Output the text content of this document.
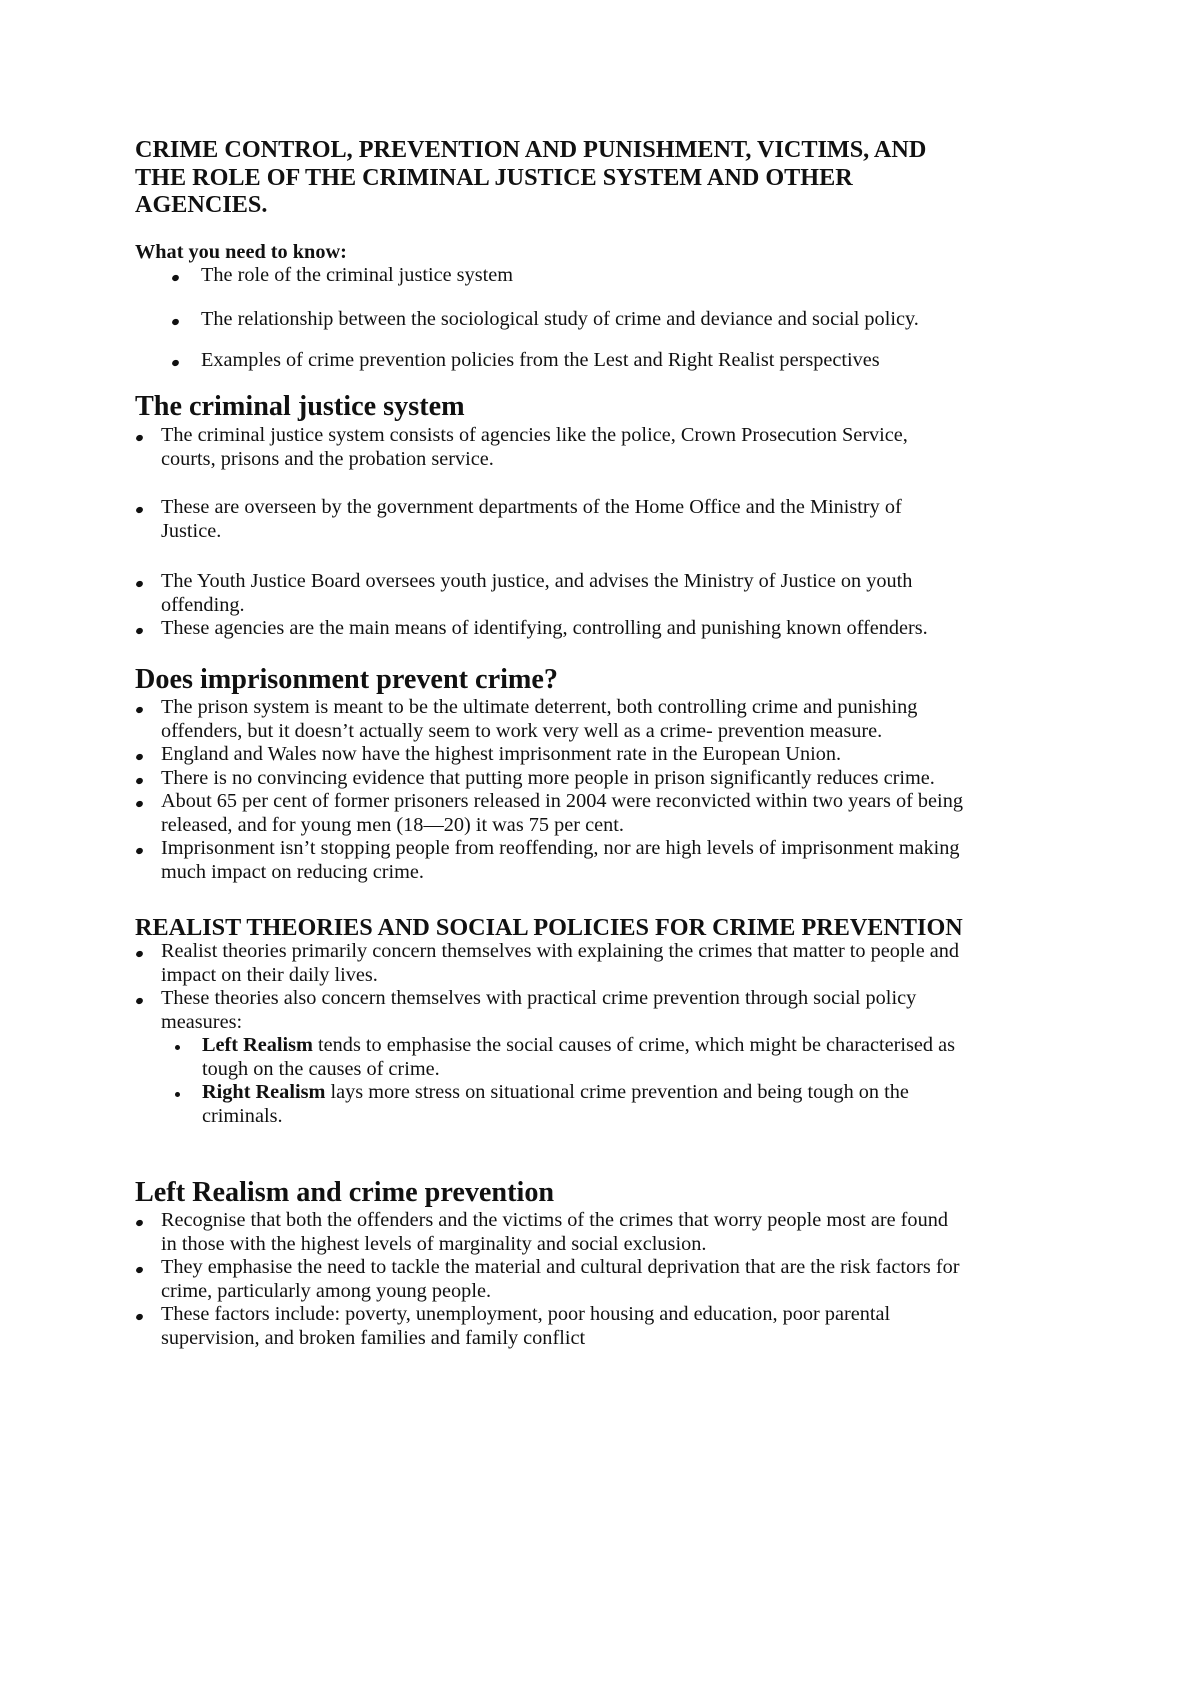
CRIME CONTROL, PREVENTION AND PUNISHMENT, VICTIMS, AND THE ROLE OF THE CRIMINAL JUSTICE SYSTEM AND OTHER AGENCIES.

What you need to know:

The role of the criminal justice system
The relationship between the sociological study of crime and deviance and social policy.
Examples of crime prevention policies from the Lest and Right Realist perspectives
The criminal justice system
The criminal justice system consists of agencies like the police, Crown Prosecution Service,
courts, prisons and the probation service.
These are overseen by the government departments of the Home Office and the Ministry of
Justice.
The Youth Justice Board oversees youth justice, and advises the Ministry of Justice on youth
offending.
These agencies are the main means of identifying, controlling and punishing known offenders.
Does imprisonment prevent crime?
The prison system is meant to be the ultimate deterrent, both controlling crime and punishing
offenders, but it doesn’t actually seem to work very well as a crime- prevention measure.
England and Wales now have the highest imprisonment rate in the European Union.
There is no convincing evidence that putting more people in prison significantly reduces crime.
About 65 per cent of former prisoners released in 2004 were reconvicted within two years of being
released, and for young men (18—20) it was 75 per cent.
Imprisonment isn’t stopping people from reoffending, nor are high levels of imprisonment making
much impact on reducing crime.
REALIST THEORIES AND SOCIAL POLICIES FOR CRIME PREVENTION
Realist theories primarily concern themselves with explaining the crimes that matter to people and
impact on their daily lives.
These theories also concern themselves with practical crime prevention through social policy
measures:
Left Realism tends to emphasise the social causes of crime, which might be characterised as
tough on the causes of crime.
Right Realism lays more stress on situational crime prevention and being tough on the
criminals.
Left Realism and crime prevention
Recognise that both the offenders and the victims of the crimes that worry people most are found
in those with the highest levels of marginality and social exclusion.
They emphasise the need to tackle the material and cultural deprivation that are the risk factors for
crime, particularly among young people.
These factors include: poverty, unemployment, poor housing and education, poor parental
supervision, and broken families and family conflict
